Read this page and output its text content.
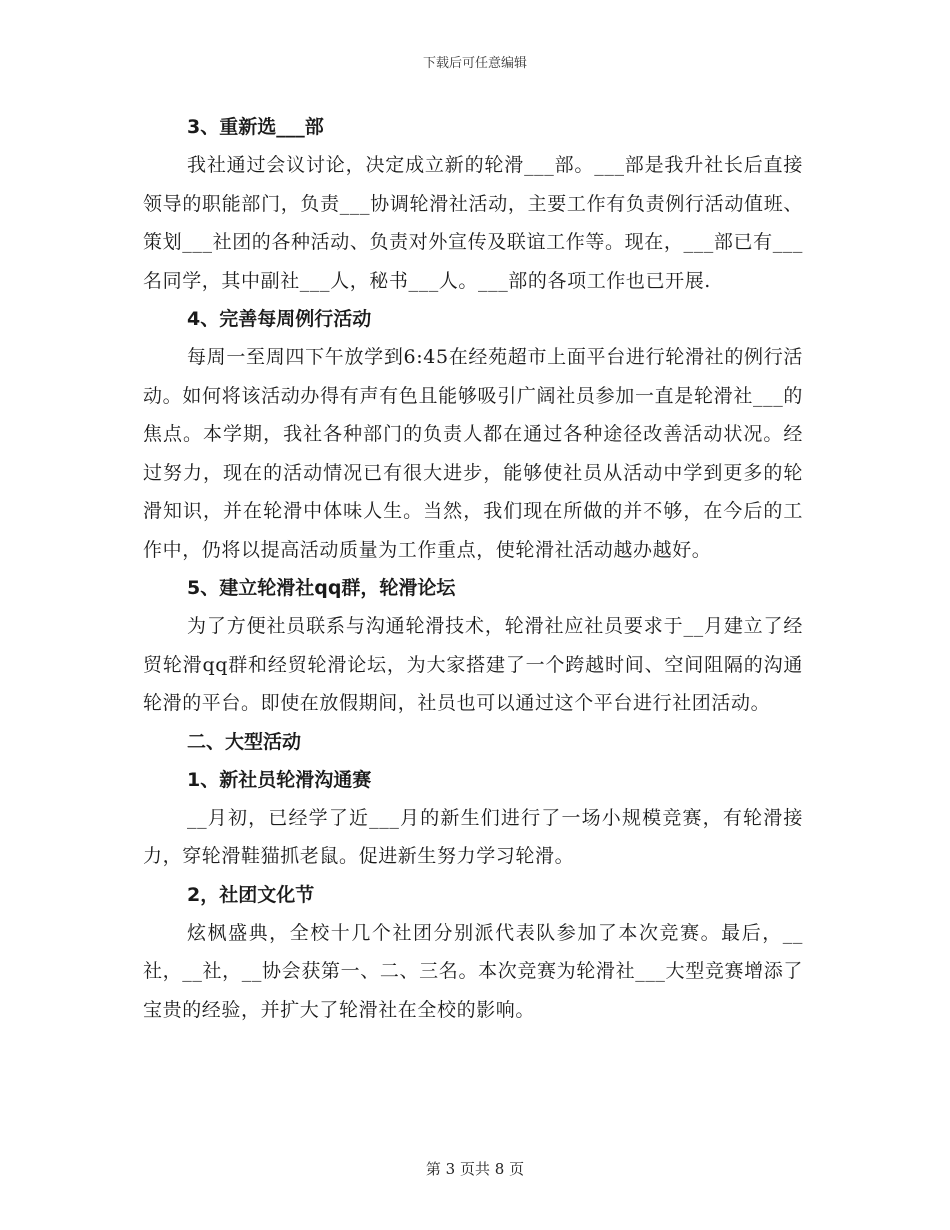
下载后可任意编辑
3、重新选___部

我社通过会议讨论，决定成立新的轮滑___部。___部是我升社长后直接领导的职能部门，负责___协调轮滑社活动，主要工作有负责例行活动值班、策划___社团的各种活动、负责对外宣传及联谊工作等。现在，___部已有___名同学，其中副社___人，秘书___人。___部的各项工作也已开展.

4、完善每周例行活动

每周一至周四下午放学到6:45在经苑超市上面平台进行轮滑社的例行活动。如何将该活动办得有声有色且能够吸引广阔社员参加一直是轮滑社___的焦点。本学期，我社各种部门的负责人都在通过各种途径改善活动状况。经过努力，现在的活动情况已有很大进步，能够使社员从活动中学到更多的轮滑知识，并在轮滑中体味人生。当然，我们现在所做的并不够，在今后的工作中，仍将以提高活动质量为工作重点，使轮滑社活动越办越好。

5、建立轮滑社qq群，轮滑论坛

为了方便社员联系与沟通轮滑技术，轮滑社应社员要求于__月建立了经贸轮滑qq群和经贸轮滑论坛，为大家搭建了一个跨越时间、空间阻隔的沟通轮滑的平台。即使在放假期间，社员也可以通过这个平台进行社团活动。

二、大型活动
1、新社员轮滑沟通赛

__月初，已经学了近___月的新生们进行了一场小规模竞赛，有轮滑接力，穿轮滑鞋猫抓老鼠。促进新生努力学习轮滑。

2，社团文化节

炫枫盛典，全校十几个社团分别派代表队参加了本次竞赛。最后，__社，__社，__协会获第一、二、三名。本次竞赛为轮滑社___大型竞赛增添了宝贵的经验，并扩大了轮滑社在全校的影响。

第 3 页共 8 页
